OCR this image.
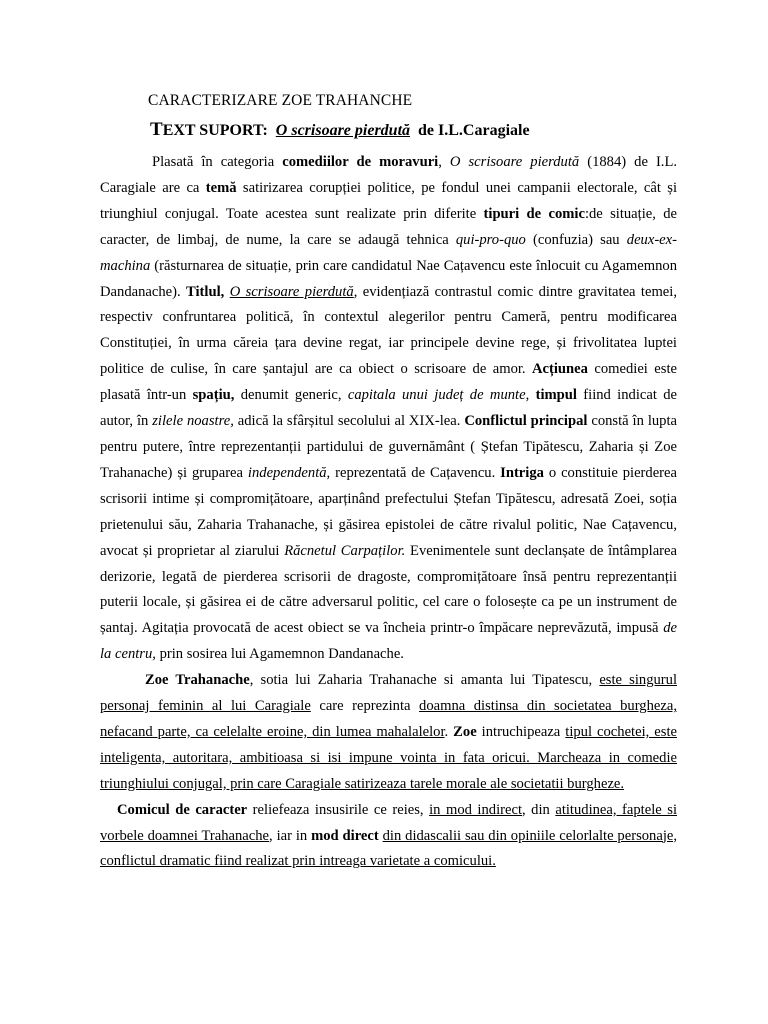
CARACTERIZARE ZOE TRAHANCHE
TEXT SUPORT: O scrisoare pierdută de I.L.Caragiale

Plasată în categoria comediilor de moravuri, O scrisoare pierdută (1884) de I.L. Caragiale are ca temă satirizarea corupției politice, pe fondul unei campanii electorale, cât și triunghiul conjugal. Toate acestea sunt realizate prin diferite tipuri de comic:de situație, de caracter, de limbaj, de nume, la care se adaugă tehnica qui-pro-quo (confuzia) sau deux-ex-machina (răsturnarea de situație, prin care candidatul Nae Cațavencu este înlocuit cu Agamemnon Dandanache). Titlul, O scrisoare pierdută, evidențiază contrastul comic dintre gravitatea temei, respectiv confruntarea politică, în contextul alegerilor pentru Cameră, pentru modificarea Constituției, în urma căreia țara devine regat, iar principele devine rege, și frivolitatea luptei politice de culise, în care șantajul are ca obiect o scrisoare de amor. Acțiunea comediei este plasată într-un spațiu, denumit generic, capitala unui județ de munte, timpul fiind indicat de autor, în zilele noastre, adică la sfârșitul secolului al XIX-lea. Conflictul principal constă în lupta pentru putere, între reprezentanții partidului de guvernământ ( Ștefan Tipătescu, Zaharia și Zoe Trahanache) și gruparea independentă, reprezentată de Cațavencu. Intriga o constituie pierderea scrisorii intime și compromițătoare, aparținând prefectului Ștefan Tipătescu, adresată Zoei, soția prietenului său, Zaharia Trahanache, și găsirea epistolei de către rivalul politic, Nae Cațavencu, avocat și proprietar al ziarului Răcnetul Carpaților. Evenimentele sunt declanșate de întâmplarea derizorie, legată de pierderea scrisorii de dragoste, compromițătoare însă pentru reprezentanții puterii locale, și găsirea ei de către adversarul politic, cel care o folosește ca pe un instrument de șantaj. Agitația provocată de acest obiect se va încheia printr-o împăcare neprevăzută, impusă de la centru, prin sosirea lui Agamemnon Dandanache.

Zoe Trahanache, sotia lui Zaharia Trahanache si amanta lui Tipatescu, este singurul personaj feminin al lui Caragiale care reprezinta doamna distinsa din societatea burgheza, nefacand parte, ca celelalte eroine, din lumea mahalalelor. Zoe intruchipeaza tipul cochetei, este inteligenta, autoritara, ambitioasa si isi impune vointa in fata oricui. Marcheaza in comedie triunghiului conjugal, prin care Caragiale satirizeaza tarele morale ale societatii burgheze.

Comicul de caracter reliefeaza insusirile ce reies, in mod indirect, din atitudinea, faptele si vorbele doamnei Trahanache, iar in mod direct din didascalii sau din opiniile celorlalte personaje, conflictul dramatic fiind realizat prin intreaga varietate a comicului.
